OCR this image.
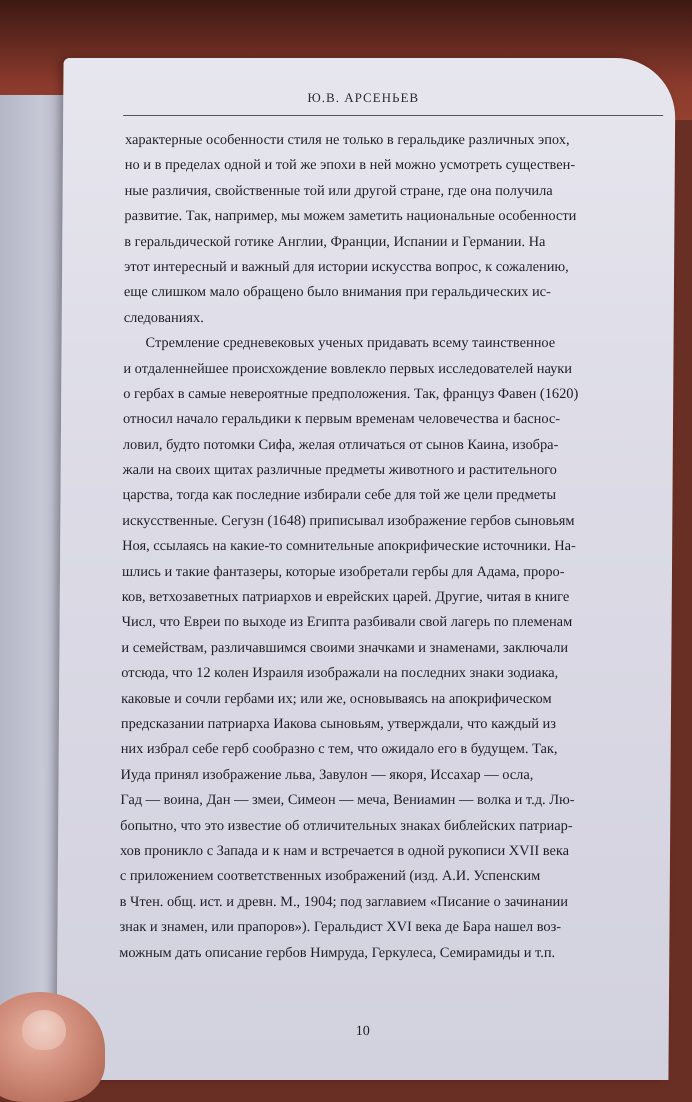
Ю.В. АРСЕНЬЕВ
характерные особенности стиля не только в геральдике различных эпох,
но и в пределах одной и той же эпохи в ней можно усмотреть существен-
ные различия, свойственные той или другой стране, где она получила
развитие. Так, например, мы можем заметить национальные особенности
в геральдической готике Англии, Франции, Испании и Германии. На
этот интересный и важный для истории искусства вопрос, к сожалению,
еще слишком мало обращено было внимания при геральдических ис-
следованиях.
Стремление средневековых ученых придавать всему таинственное
и отдаленнейшее происхождение вовлекло первых исследователей науки
о гербах в самые невероятные предположения. Так, француз Фавен (1620)
относил начало геральдики к первым временам человечества и баснос-
ловил, будто потомки Сифа, желая отличаться от сынов Каина, изобра-
жали на своих щитах различные предметы животного и растительного
царства, тогда как последние избирали себе для той же цели предметы
искусственные. Сегузн (1648) приписывал изображение гербов сыновьям
Ноя, ссылаясь на какие-то сомнительные апокрифические источники. На-
шлись и такие фантазеры, которые изобретали гербы для Адама, проро-
ков, ветхозаветных патриархов и еврейских царей. Другие, читая в книге
Числ, что Евреи по выходе из Египта разбивали свой лагерь по племенам
и семействам, различавшимся своими значками и знаменами, заключали
отсюда, что 12 колен Израиля изображали на последних знаки зодиака,
каковые и сочли гербами их; или же, основываясь на апокрифическом
предсказании патриарха Иакова сыновьям, утверждали, что каждый из
них избрал себе герб сообразно с тем, что ожидало его в будущем. Так,
Иуда принял изображение льва, Завулон — якоря, Иссахар — осла,
Гад — воина, Дан — змеи, Симеон — меча, Вениамин — волка и т.д. Лю-
бопытно, что это известие об отличительных знаках библейских патриар-
хов проникло с Запада и к нам и встречается в одной рукописи XVII века
с приложением соответственных изображений (изд. А.И. Успенским
в Чтен. общ. ист. и древн. М., 1904; под заглавием «Писание о зачинании
знак и знамен, или прапоров»). Геральдист XVI века де Бара нашел воз-
можным дать описание гербов Нимруда, Геркулеса, Семирамиды и т.п.
10
